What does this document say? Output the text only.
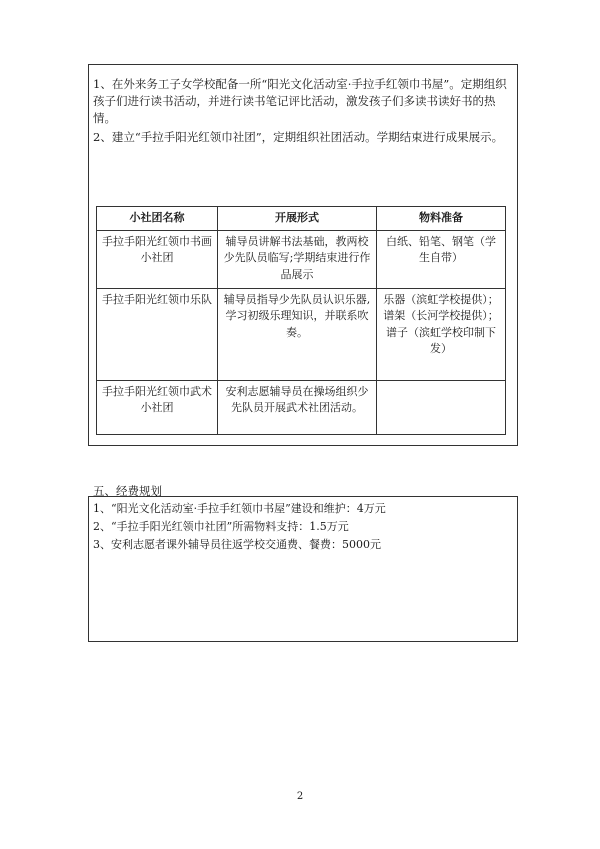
1、在外来务工子女学校配备一所“阳光文化活动室·手拉手红领巾书屋”。定期组织孩子们进行读书活动，并进行读书笔记评比活动，激发孩子们多读书读好书的热情。

2、建立“手拉手阳光红领巾社团”，定期组织社团活动。学期结束进行成果展示。

小社团名称	开展形式	物料准备
手拉手阳光红领巾书画小社团	辅导员讲解书法基础，教两校少先队员临写;学期结束进行作品展示	白纸、铅笔、钢笔（学生自带）
手拉手阳光红领巾乐队	辅导员指导少先队员认识乐器,学习初级乐理知识，并联系吹奏。	乐器（滨虹学校提供）；谱架（长河学校提供）；谱子（滨虹学校印制下发）
手拉手阳光红领巾武术小社团	安利志愿辅导员在操场组织少先队员开展武术社团活动。	
五、经费规划

1、“阳光文化活动室·手拉手红领巾书屋”建设和维护：4万元

2、“手拉手阳光红领巾社团”所需物料支持：1.5万元

3、安利志愿者课外辅导员往返学校交通费、餐费：5000元

2
